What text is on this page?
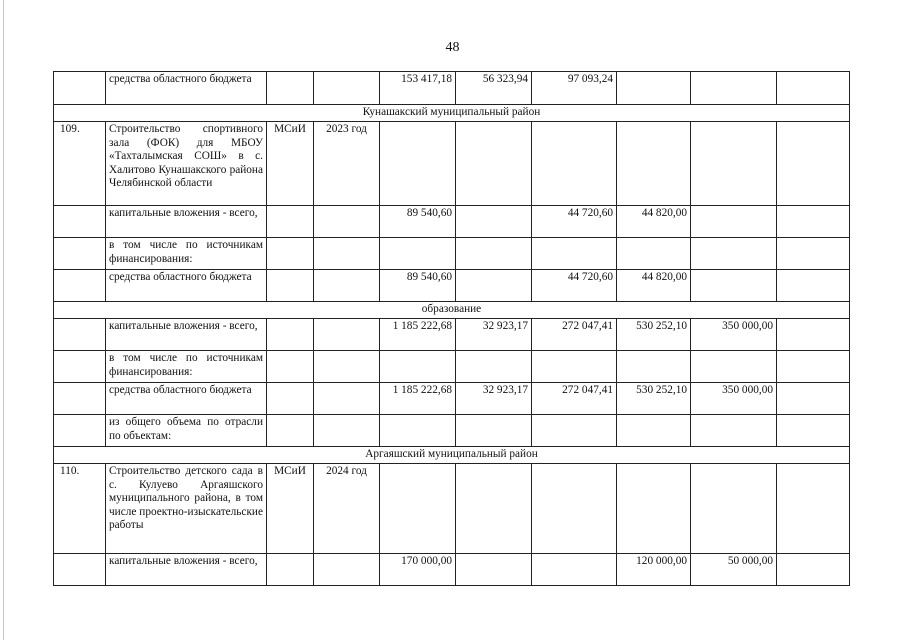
48
	средства областного бюджета			153 417,18	56 323,94	97 093,24			
Кунашакский муниципальный район									
109.	Строительство спортивного зала (ФОК) для МБОУ «Тахталымская СОШ» в с. Халитово Кунашакского района Челябинской области	МСиИ	2023 год						
	капитальные вложения - всего,			89 540,60		44 720,60	44 820,00		
	в том числе по источникам финансирования:								
	средства областного бюджета			89 540,60		44 720,60	44 820,00		
образование									
	капитальные вложения - всего,			1 185 222,68	32 923,17	272 047,41	530 252,10	350 000,00	
	в том числе по источникам финансирования:								
	средства областного бюджета			1 185 222,68	32 923,17	272 047,41	530 252,10	350 000,00	
	из общего объема по отрасли по объектам:								
Аргаяшский муниципальный район									
110.	Строительство детского сада в с. Кулуево Аргаяшского муниципального района, в том числе проектно-изыскательские работы	МСиИ	2024 год						
	капитальные вложения - всего,			170 000,00			120 000,00	50 000,00	
